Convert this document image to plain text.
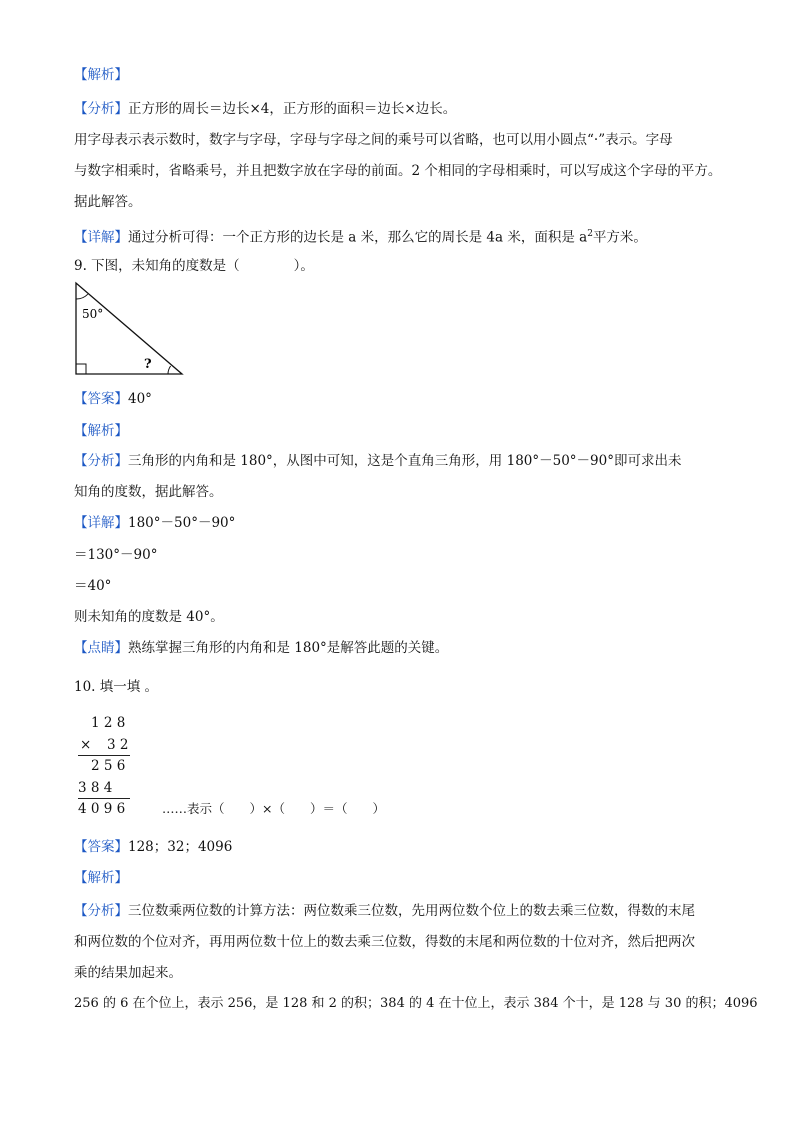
【解析】
【分析】正方形的周长＝边长×4，正方形的面积＝边长×边长。
用字母表示表示数时，数字与字母，字母与字母之间的乘号可以省略，也可以用小圆点“·”表示。字母
与数字相乘时，省略乘号，并且把数字放在字母的前面。2 个相同的字母相乘时，可以写成这个字母的平方。
据此解答。
【详解】通过分析可得：一个正方形的边长是 a 米，那么它的周长是 4a 米，面积是 $a^2$平方米。
9. 下图，未知角的度数是（　　　　）。
50°
?
【答案】40°
【解析】
【分析】三角形的内角和是 180°，从图中可知，这是个直角三角形，用 180°－50°－90°即可求出未
知角的度数，据此解答。
【详解】180°－50°－90°
＝130°－90°
＝40°
则未知角的度数是 40°。
【点睛】熟练掌握三角形的内角和是 180°是解答此题的关键。
10. 填一填 。
1 2 8
× 3 2
2 5 6
3 8 4
4 0 9 6	……表示（　　）×（　　）＝（　　）
【答案】128；32；4096
【解析】
【分析】三位数乘两位数的计算方法：两位数乘三位数，先用两位数个位上的数去乘三位数，得数的末尾
和两位数的个位对齐，再用两位数十位上的数去乘三位数，得数的末尾和两位数的十位对齐，然后把两次
乘的结果加起来。
256 的 6 在个位上，表示 256，是 128 和 2 的积；384 的 4 在十位上，表示 384 个十，是 128 与 30 的积；4096
